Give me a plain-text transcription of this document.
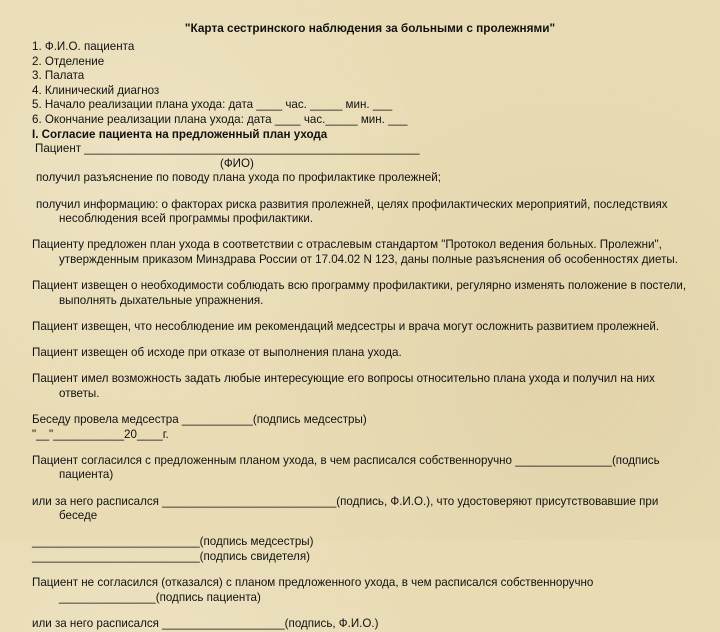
"Карта сестринского наблюдения за больными с пролежнями"

1. Ф.И.О. пациента

2. Отделение

3. Палата

4. Клинический диагноз

5. Начало реализации плана ухода: дата ____ час. _____ мин. ___

6. Окончание реализации плана ухода: дата ____ час._____ мин. ___

I. Согласие пациента на предложенный план ухода

Пациент ____________________________________________________

(ФИО)

получил разъяснение по поводу плана ухода по профилактике пролежней;

получил информацию: о факторах риска развития пролежней, целях профилактических мероприятий, последствиях несоблюдения всей программы профилактики.

Пациенту предложен план ухода в соответствии с отраслевым стандартом "Протокол ведения больных. Пролежни", утвержденным приказом Минздрава России от 17.04.02 N 123, даны полные разъяснения об особенностях диеты.

Пациент извещен о необходимости соблюдать всю программу профилактики, регулярно изменять положение в постели, выполнять дыхательные упражнения.

Пациент извещен, что несоблюдение им рекомендаций медсестры и врача могут осложнить развитием пролежней.

Пациент извещен об исходе при отказе от выполнения плана ухода.

Пациент имел возможность задать любые интересующие его вопросы относительно плана ухода и получил на них ответы.

Беседу провела медсестра ___________(подпись медсестры)

"__"___________20____г.

Пациент согласился с предложенным планом ухода, в чем расписался собственноручно _______________(подпись пациента)

или за него расписался ___________________________(подпись, Ф.И.О.), что удостоверяют присутствовавшие при беседе

__________________________(подпись медсестры)

__________________________(подпись свидетеля)

Пациент не согласился (отказался) с планом предложенного ухода, в чем расписался собственноручно _______________(подпись пациента)

или за него расписался ___________________(подпись, Ф.И.О.)
